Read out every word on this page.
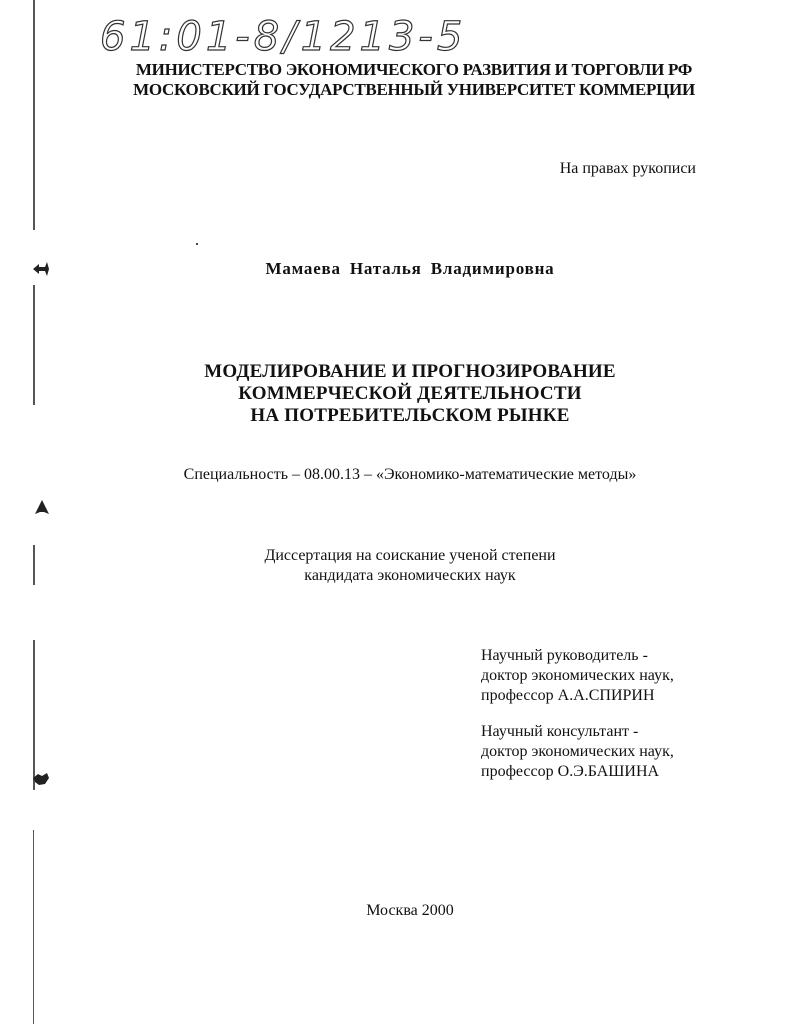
61:01-8/1213-5
МИНИСТЕРСТВО ЭКОНОМИЧЕСКОГО РАЗВИТИЯ И ТОРГОВЛИ РФ
МОСКОВСКИЙ ГОСУДАРСТВЕННЫЙ УНИВЕРСИТЕТ КОММЕРЦИИ
На правах рукописи
Мамаева Наталья Владимировна
МОДЕЛИРОВАНИЕ И ПРОГНОЗИРОВАНИЕ
КОММЕРЧЕСКОЙ ДЕЯТЕЛЬНОСТИ
НА ПОТРЕБИТЕЛЬСКОМ РЫНКЕ
Специальность – 08.00.13 – «Экономико-математические методы»
Диссертация на соискание ученой степени
кандидата экономических наук
Научный руководитель -
доктор экономических наук,
профессор А.А.СПИРИН
Научный консультант -
доктор экономических наук,
профессор О.Э.БАШИНА
Москва 2000
